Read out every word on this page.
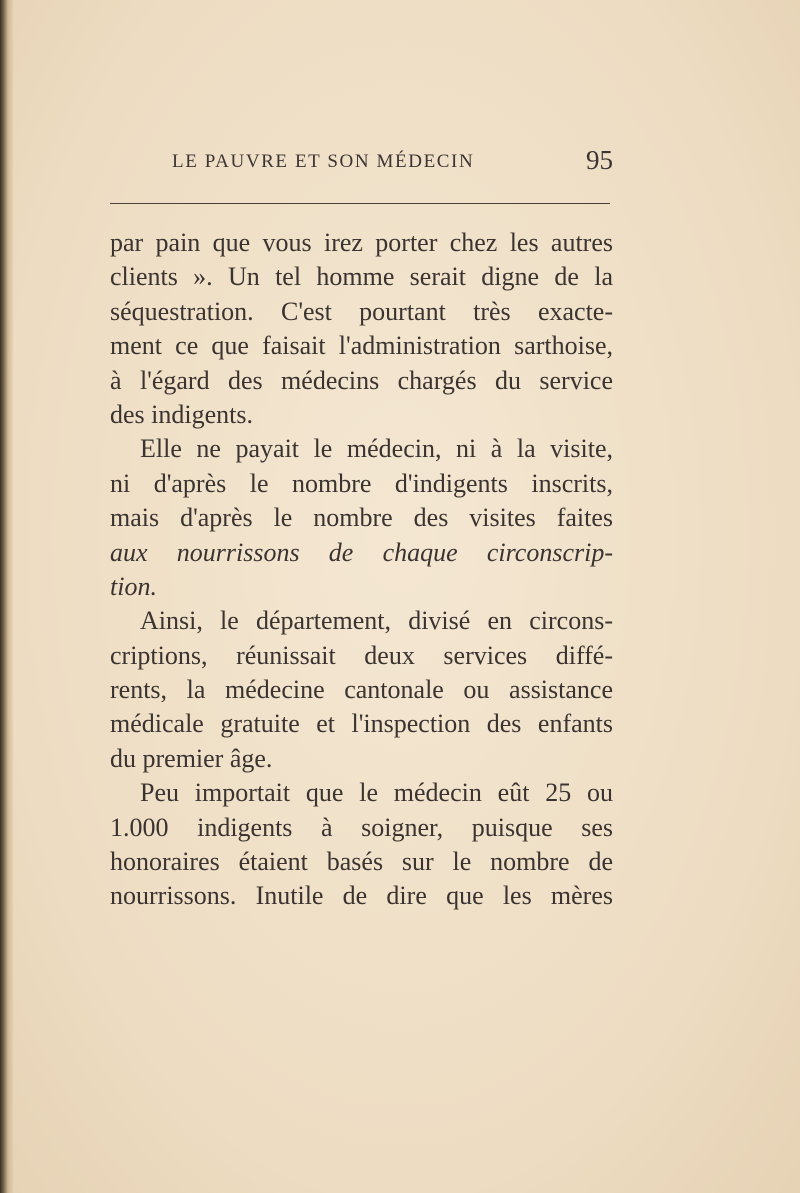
LE PAUVRE ET SON MÉDECIN	95
par pain que vous irez porter chez les autres
clients ». Un tel homme serait digne de la
séquestration. C'est pourtant très exacte-
ment ce que faisait l'administration sarthoise,
à l'égard des médecins chargés du service
des indigents.
Elle ne payait le médecin, ni à la visite,
ni d'après le nombre d'indigents inscrits,
mais d'après le nombre des visites faites
aux nourrissons de chaque circonscrip-
tion.
Ainsi, le département, divisé en circons-
criptions, réunissait deux services diffé-
rents, la médecine cantonale ou assistance
médicale gratuite et l'inspection des enfants
du premier âge.
Peu importait que le médecin eût 25 ou
1.000 indigents à soigner, puisque ses
honoraires étaient basés sur le nombre de
nourrissons. Inutile de dire que les mères
